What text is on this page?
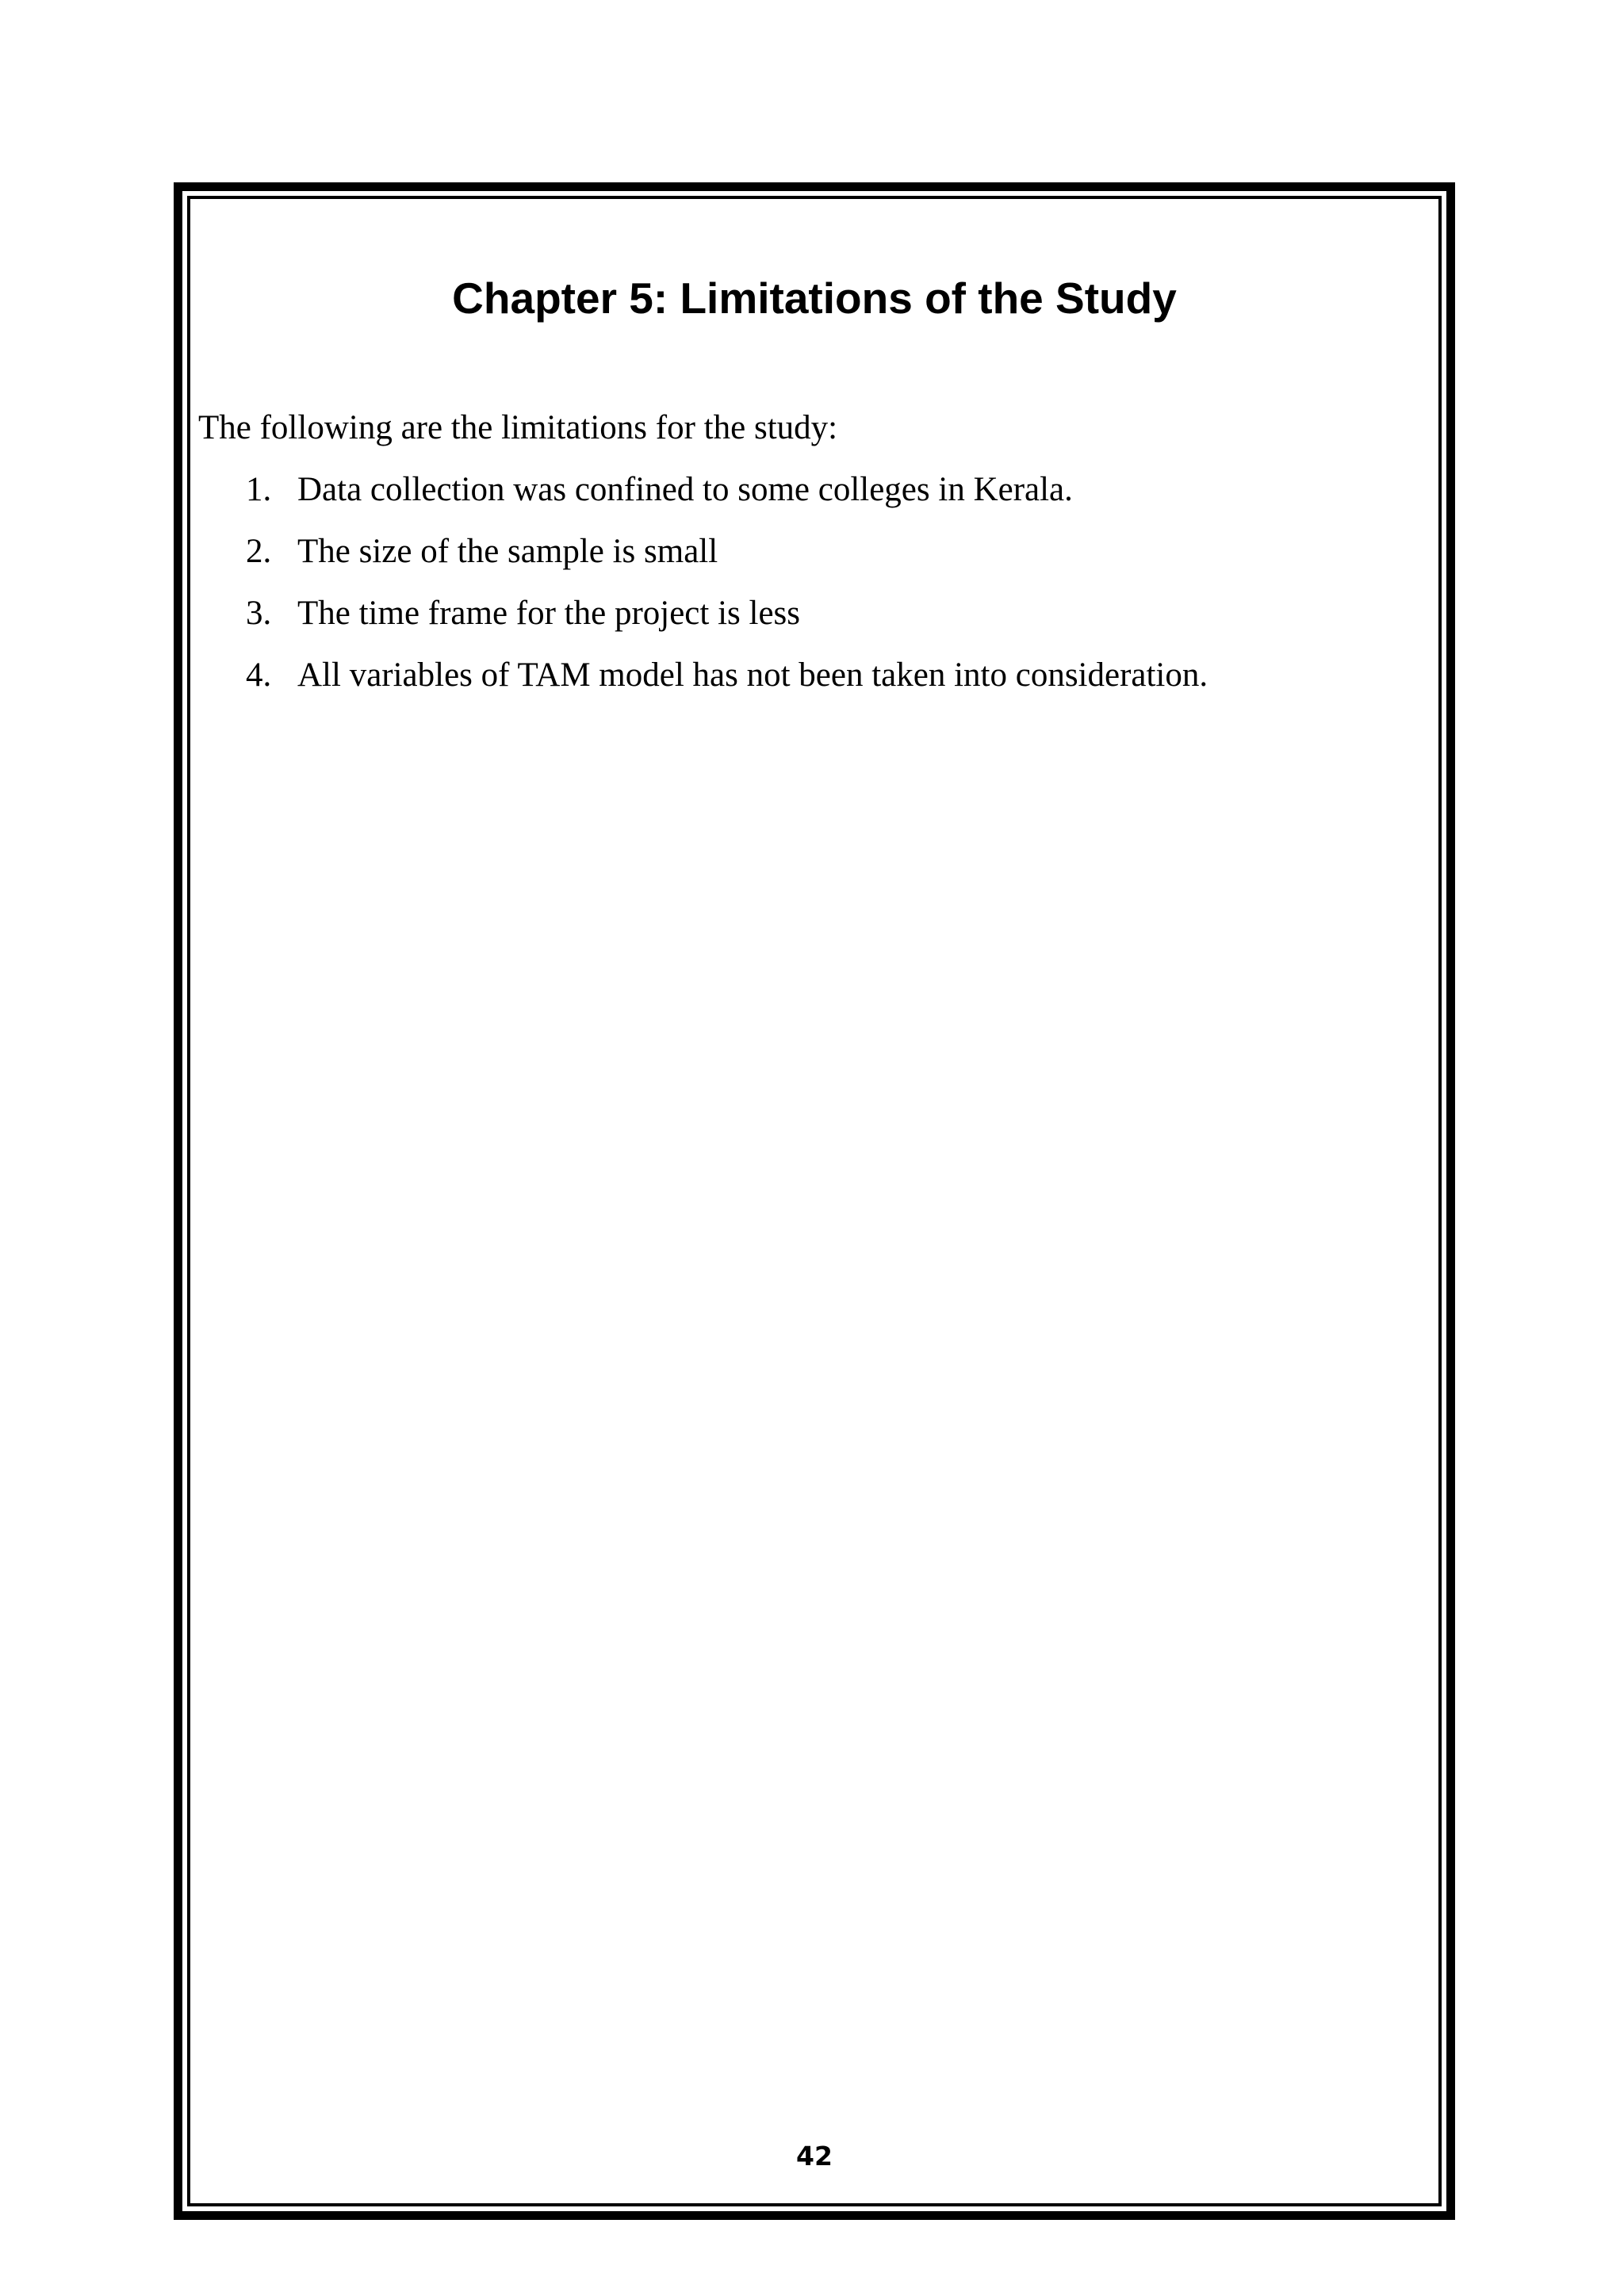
Chapter 5: Limitations of the Study

The following are the limitations for the study:

1. Data collection was confined to some colleges in Kerala.
2. The size of the sample is small
3. The time frame for the project is less
4. All variables of TAM model has not been taken into consideration.
42
